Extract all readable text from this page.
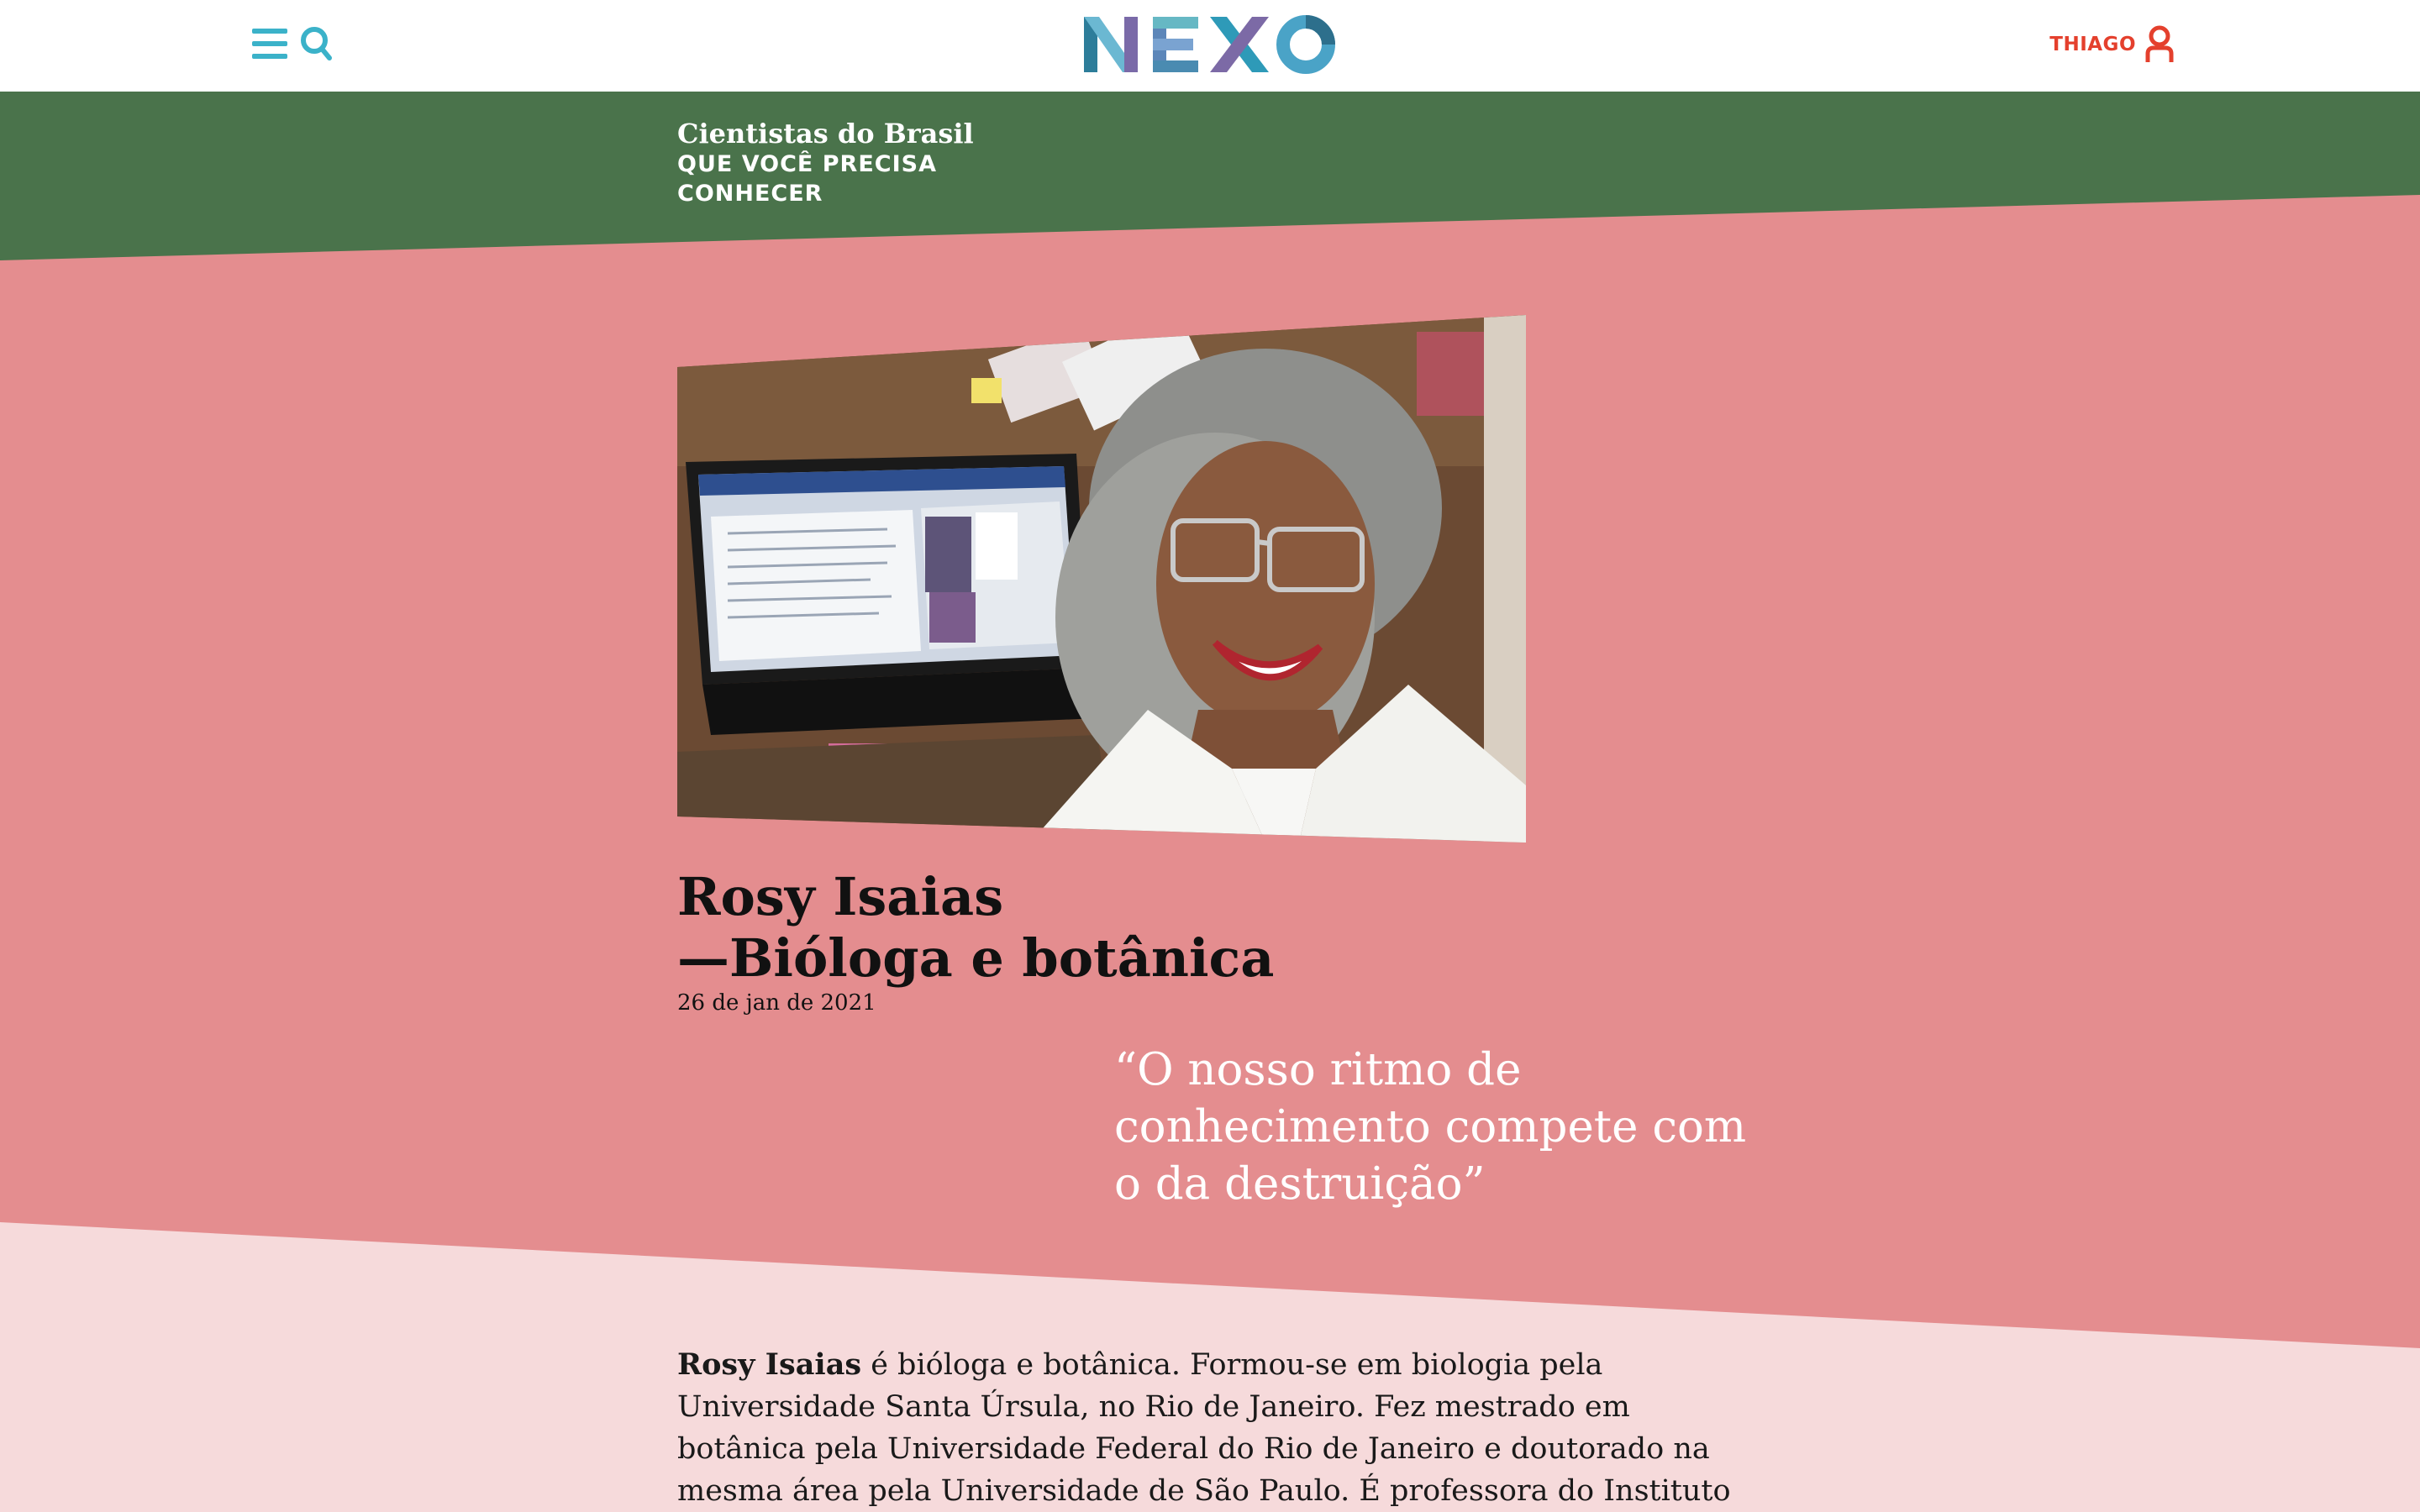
THIAGO
Cientistas do Brasil
QUE VOCÊ PRECISA CONHECER
Rosy Isaias
—Bióloga e botânica
26 de jan de 2021
“O nosso ritmo de conhecimento compete com o da destruição”
Rosy Isaias é bióloga e botânica. Formou-se em biologia pela Universidade Santa Úrsula, no Rio de Janeiro. Fez mestrado em botânica pela Universidade Federal do Rio de Janeiro e doutorado na mesma área pela Universidade de São Paulo. É professora do Instituto
